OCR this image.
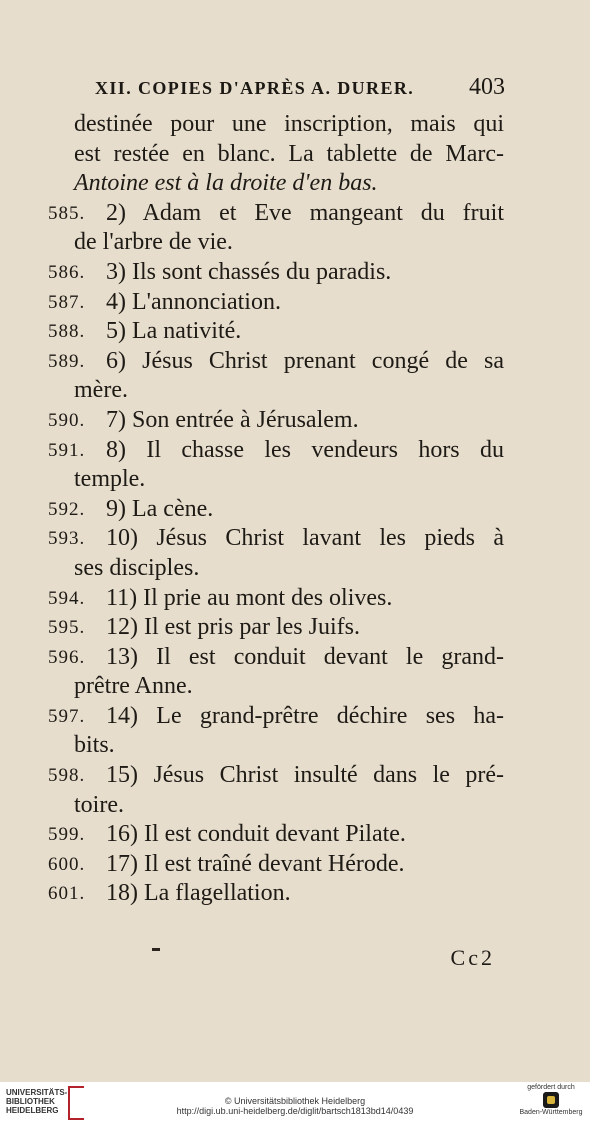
XII. COPIES D'APRÈS A. DURER. 403
destinée pour une inscription, mais qui
est restée en blanc. La tablette de Marc-
Antoine est à la droite d'en bas.
585. 2) Adam et Eve mangeant du fruit
de l'arbre de vie.
586. 3) Ils sont chassés du paradis.
587. 4) L'annonciation.
588. 5) La nativité.
589. 6) Jésus Christ prenant congé de sa
mère.
590. 7) Son entrée à Jérusalem.
591. 8) Il chasse les vendeurs hors du
temple.
592. 9) La cène.
593. 10) Jésus Christ lavant les pieds à
ses disciples.
594. 11) Il prie au mont des olives.
595. 12) Il est pris par les Juifs.
596. 13) Il est conduit devant le grand-
prêtre Anne.
597. 14) Le grand-prêtre déchire ses ha-
bits.
598. 15) Jésus Christ insulté dans le pré-
toire.
599. 16) Il est conduit devant Pilate.
600. 17) Il est traîné devant Hérode.
601. 18) La flagellation.
Cc2
UNIVERSITÄTS-
BIBLIOTHEK
HEIDELBERG
© Universitätsbibliothek Heidelberg
http://digi.ub.uni-heidelberg.de/diglit/bartsch1813bd14/0439
gefördert durch
Baden-Württemberg
